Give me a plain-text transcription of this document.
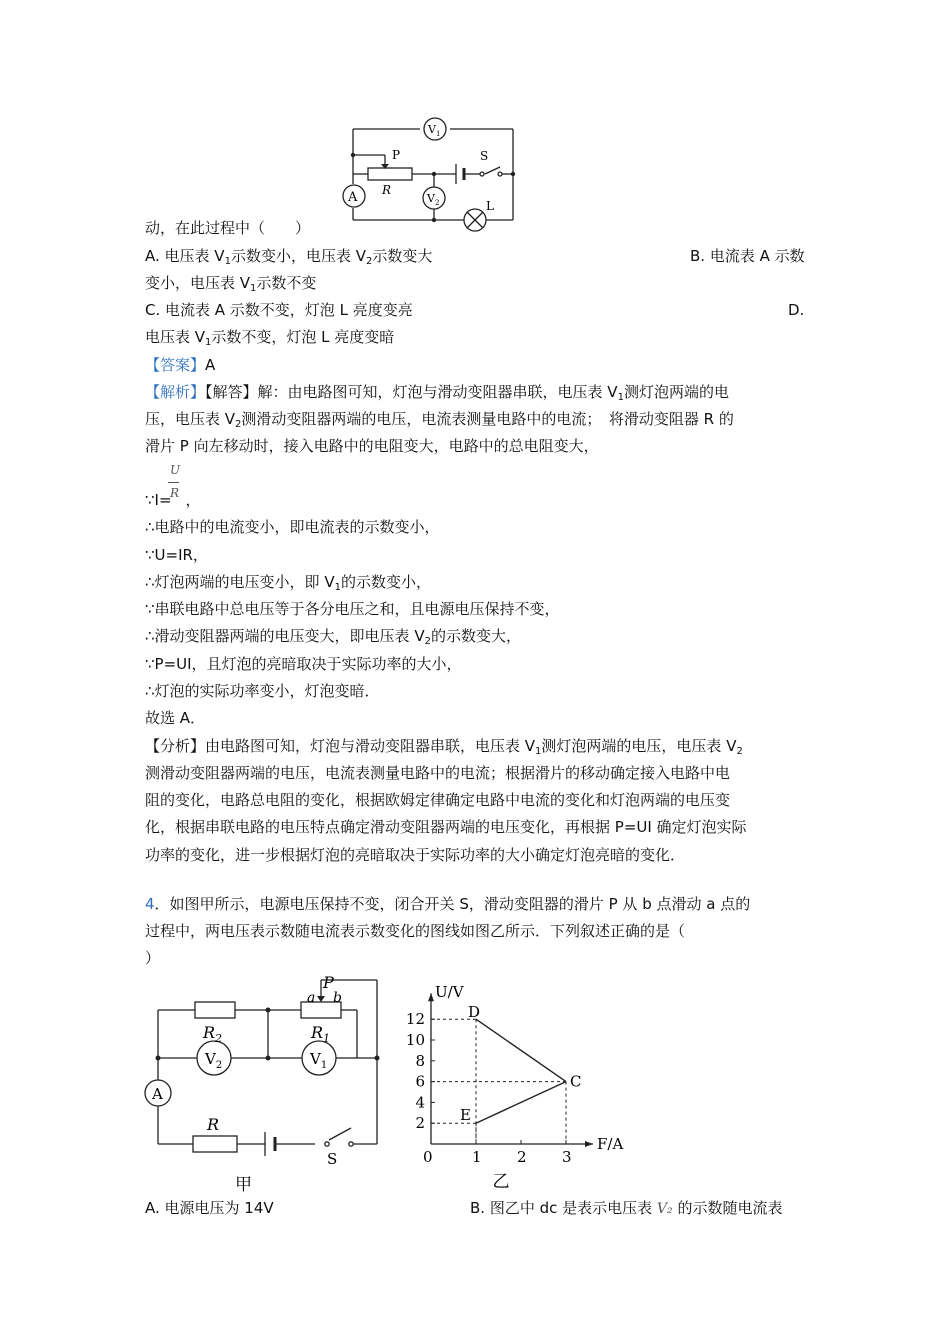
$V_1$
P
R
S
A	$V_2$	L
动，在此过程中（　　）
A. 电压表 $V_1$示数变小，电压表 $V_2$示数变大	B. 电流表 A 示数
变小，电压表 $V_1$示数不变
C. 电流表 A 示数不变，灯泡 L 亮度变亮	D.
电压表 $V_1$示数不变，灯泡 L 亮度变暗
【答案】A
【解析】【解答】解：由电路图可知，灯泡与滑动变阻器串联，电压表 $V_1$测灯泡两端的电
压，电压表 $V_2$测滑动变阻器两端的电压，电流表测量电路中的电流；　将滑动变阻器 R 的
滑片 P 向左移动时，接入电路中的电阻变大，电路中的总电阻变大，
U
R
∵I= ，
∴电路中的电流变小，即电流表的示数变小，
∵U=IR，
∴灯泡两端的电压变小，即 $V_1$的示数变小，
∵串联电路中总电压等于各分电压之和，且电源电压保持不变，
∴滑动变阻器两端的电压变大，即电压表 $V_2$的示数变大，
∵P=UI，且灯泡的亮暗取决于实际功率的大小，
∴灯泡的实际功率变小，灯泡变暗．
故选 A．
【分析】由电路图可知，灯泡与滑动变阻器串联，电压表 $V_1$测灯泡两端的电压，电压表 $V_2$
测滑动变阻器两端的电压，电流表测量电路中的电流；根据滑片的移动确定接入电路中电
阻的变化，电路总电阻的变化，根据欧姆定律确定电路中电流的变化和灯泡两端的电压变
化，根据串联电路的电压特点确定滑动变阻器两端的电压变化，再根据 P=UI 确定灯泡实际
功率的变化，进一步根据灯泡的亮暗取决于实际功率的大小确定灯泡亮暗的变化．
4．如图甲所示，电源电压保持不变，闭合开关 S，滑动变阻器的滑片 P 从 b 点滑动 a 点的
过程中，两电压表示数随电流表示数变化的图线如图乙所示．下列叙述正确的是（
）
P
a b
$R_2$	$R_1$
$V_2$	$V_1$
A
R
S
甲
U/V
F/A
0	1 2 3
2
4
6
8
10
12	D
C
E
乙
A. 电源电压为 14V	B. 图乙中 dc 是表示电压表 V₂ 的示数随电流表
